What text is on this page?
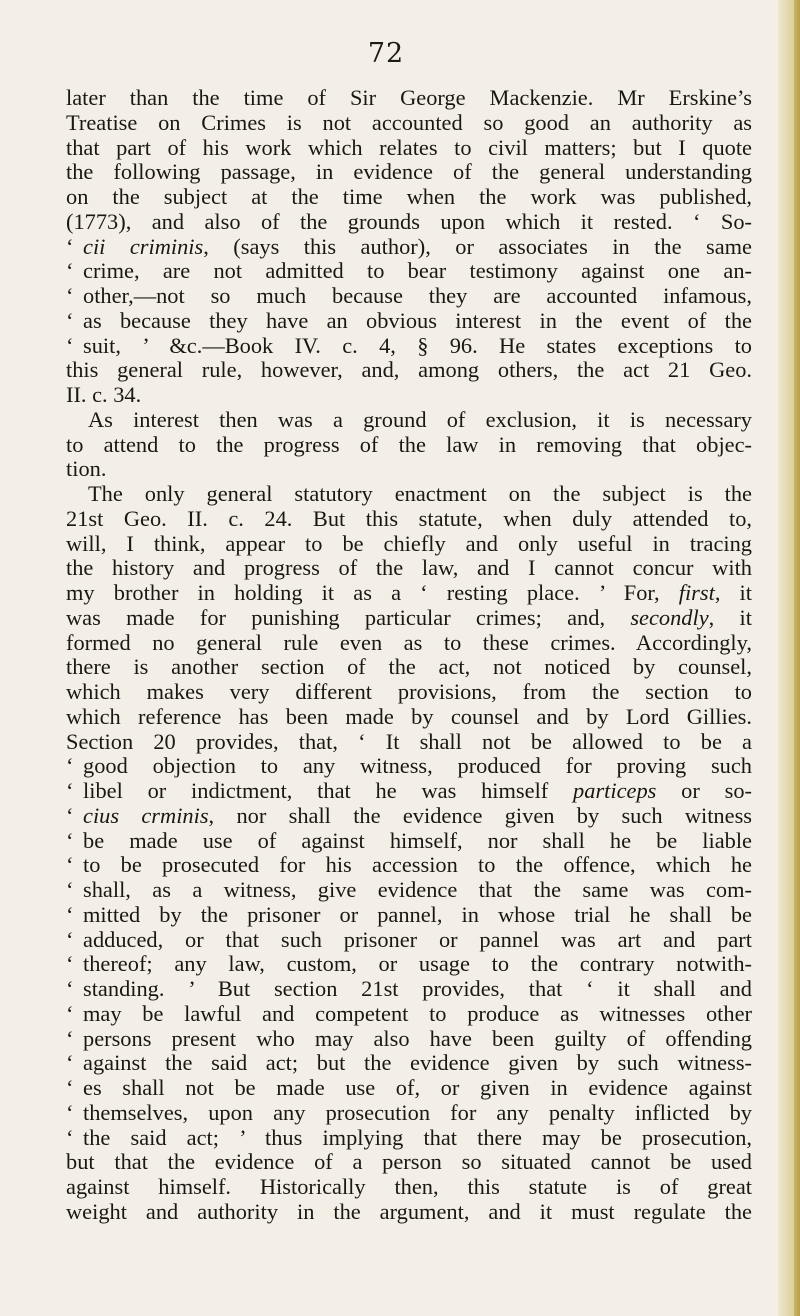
72
later than the time of Sir George Mackenzie. Mr Erskine’s
Treatise on Crimes is not accounted so good an authority as
that part of his work which relates to civil matters; but I quote
the following passage, in evidence of the general understanding
on the subject at the time when the work was published,
(1773), and also of the grounds upon which it rested. ‘ So-
‘ cii criminis, (says this author), or associates in the same
‘ crime, are not admitted to bear testimony against one an-
‘ other,—not so much because they are accounted infamous,
‘ as because they have an obvious interest in the event of the
‘ suit, ’ &c.—Book IV. c. 4, § 96. He states exceptions to
this general rule, however, and, among others, the act 21 Geo.
II. c. 34.
As interest then was a ground of exclusion, it is necessary
to attend to the progress of the law in removing that objec-
tion.
The only general statutory enactment on the subject is the
21st Geo. II. c. 24. But this statute, when duly attended to,
will, I think, appear to be chiefly and only useful in tracing
the history and progress of the law, and I cannot concur with
my brother in holding it as a ‘ resting place. ’ For, first, it
was made for punishing particular crimes; and, secondly, it
formed no general rule even as to these crimes. Accordingly,
there is another section of the act, not noticed by counsel,
which makes very different provisions, from the section to
which reference has been made by counsel and by Lord Gillies.
Section 20 provides, that, ‘ It shall not be allowed to be a
‘ good objection to any witness, produced for proving such
‘ libel or indictment, that he was himself particeps or so-
‘ cius crminis, nor shall the evidence given by such witness
‘ be made use of against himself, nor shall he be liable
‘ to be prosecuted for his accession to the offence, which he
‘ shall, as a witness, give evidence that the same was com-
‘ mitted by the prisoner or pannel, in whose trial he shall be
‘ adduced, or that such prisoner or pannel was art and part
‘ thereof; any law, custom, or usage to the contrary notwith-
‘ standing. ’ But section 21st provides, that ‘ it shall and
‘ may be lawful and competent to produce as witnesses other
‘ persons present who may also have been guilty of offending
‘ against the said act; but the evidence given by such witness-
‘ es shall not be made use of, or given in evidence against
‘ themselves, upon any prosecution for any penalty inflicted by
‘ the said act; ’ thus implying that there may be prosecution,
but that the evidence of a person so situated cannot be used
against himself. Historically then, this statute is of great
weight and authority in the argument, and it must regulate the
